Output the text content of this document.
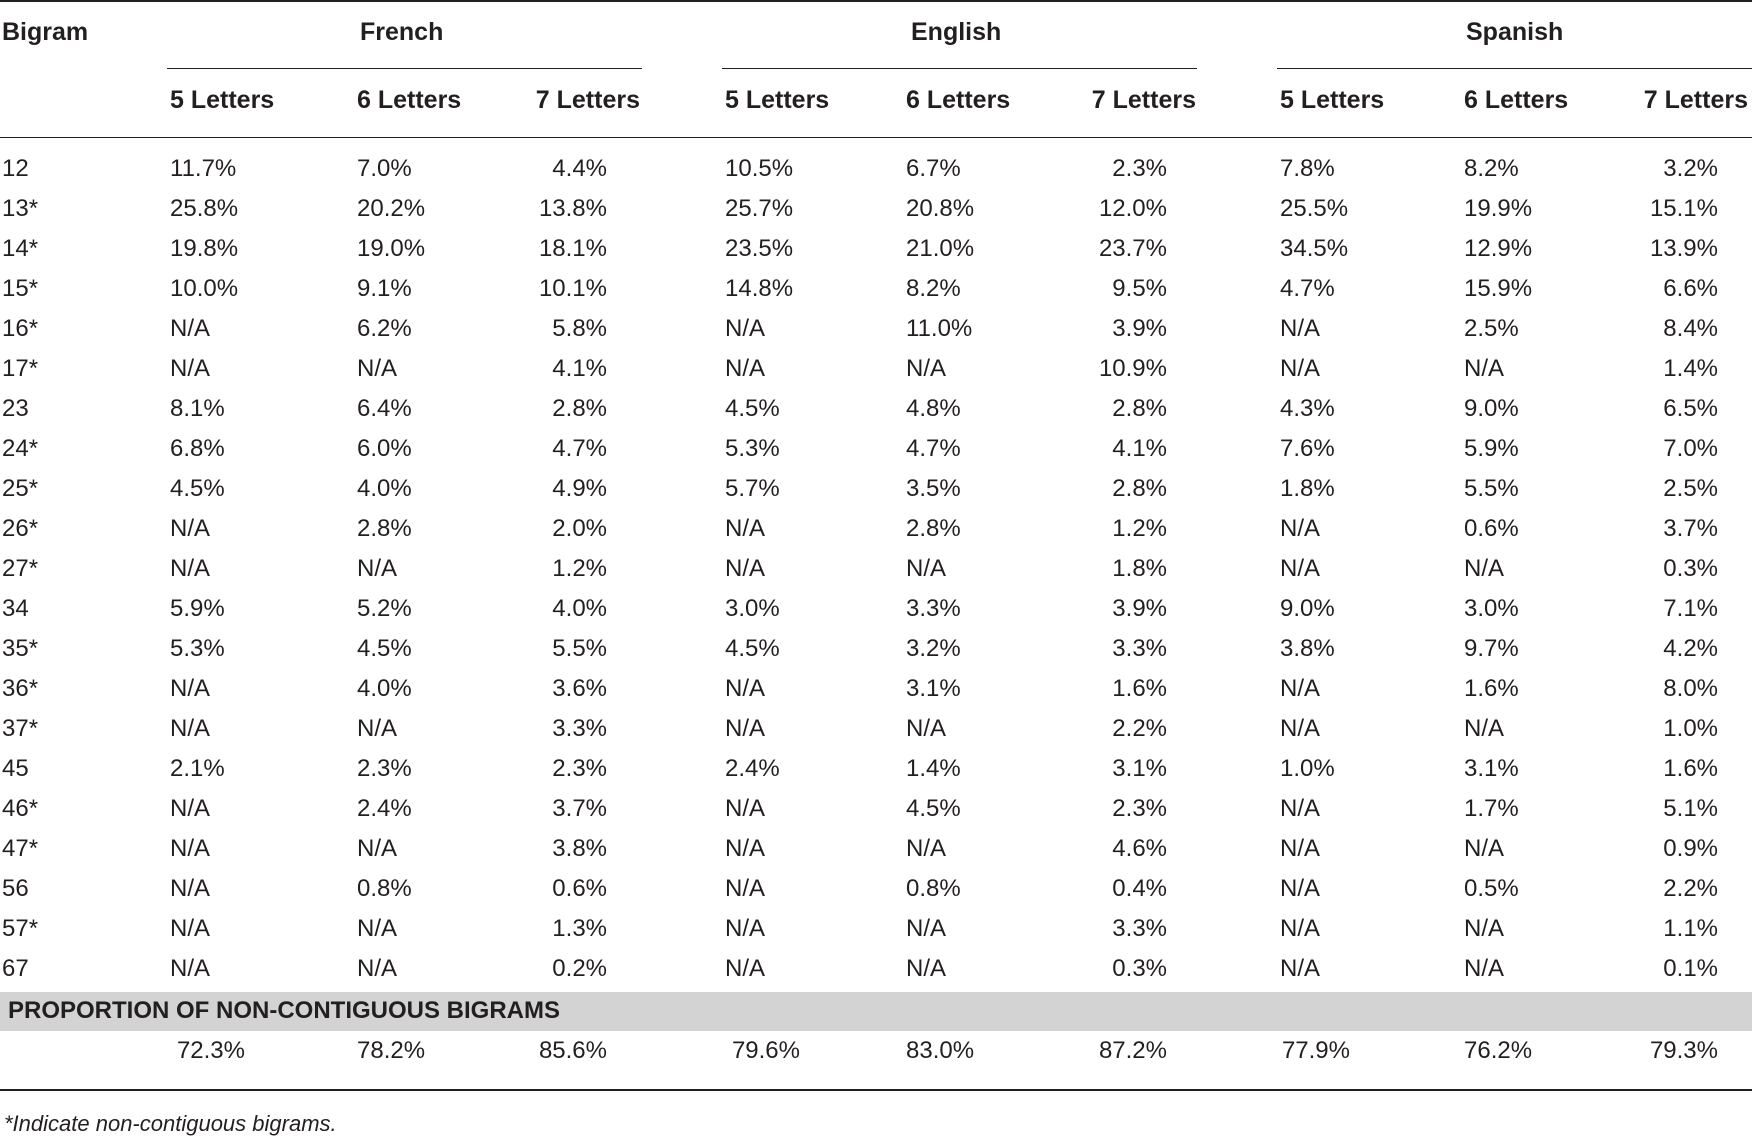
Bigram	French	English	Spanish
5 Letters	6 Letters	7 Letters	5 Letters	6 Letters	7 Letters	5 Letters	6 Letters	7 Letters
12	11.7%	7.0%	4.4%	10.5%	6.7%	2.3%	7.8%	8.2%	3.2%
13*	25.8%	20.2%	13.8%	25.7%	20.8%	12.0%	25.5%	19.9%	15.1%
14*	19.8%	19.0%	18.1%	23.5%	21.0%	23.7%	34.5%	12.9%	13.9%
15*	10.0%	9.1%	10.1%	14.8%	8.2%	9.5%	4.7%	15.9%	6.6%
16*	N/A	6.2%	5.8%	N/A	11.0%	3.9%	N/A	2.5%	8.4%
17*	N/A	N/A	4.1%	N/A	N/A	10.9%	N/A	N/A	1.4%
23	8.1%	6.4%	2.8%	4.5%	4.8%	2.8%	4.3%	9.0%	6.5%
24*	6.8%	6.0%	4.7%	5.3%	4.7%	4.1%	7.6%	5.9%	7.0%
25*	4.5%	4.0%	4.9%	5.7%	3.5%	2.8%	1.8%	5.5%	2.5%
26*	N/A	2.8%	2.0%	N/A	2.8%	1.2%	N/A	0.6%	3.7%
27*	N/A	N/A	1.2%	N/A	N/A	1.8%	N/A	N/A	0.3%
34	5.9%	5.2%	4.0%	3.0%	3.3%	3.9%	9.0%	3.0%	7.1%
35*	5.3%	4.5%	5.5%	4.5%	3.2%	3.3%	3.8%	9.7%	4.2%
36*	N/A	4.0%	3.6%	N/A	3.1%	1.6%	N/A	1.6%	8.0%
37*	N/A	N/A	3.3%	N/A	N/A	2.2%	N/A	N/A	1.0%
45	2.1%	2.3%	2.3%	2.4%	1.4%	3.1%	1.0%	3.1%	1.6%
46*	N/A	2.4%	3.7%	N/A	4.5%	2.3%	N/A	1.7%	5.1%
47*	N/A	N/A	3.8%	N/A	N/A	4.6%	N/A	N/A	0.9%
56	N/A	0.8%	0.6%	N/A	0.8%	0.4%	N/A	0.5%	2.2%
57*	N/A	N/A	1.3%	N/A	N/A	3.3%	N/A	N/A	1.1%
67	N/A	N/A	0.2%	N/A	N/A	0.3%	N/A	N/A	0.1%
PROPORTION OF NON-CONTIGUOUS BIGRAMS
72.3%	78.2%	85.6%	79.6%	83.0%	87.2%	77.9%	76.2%	79.3%
*Indicate non-contiguous bigrams.
